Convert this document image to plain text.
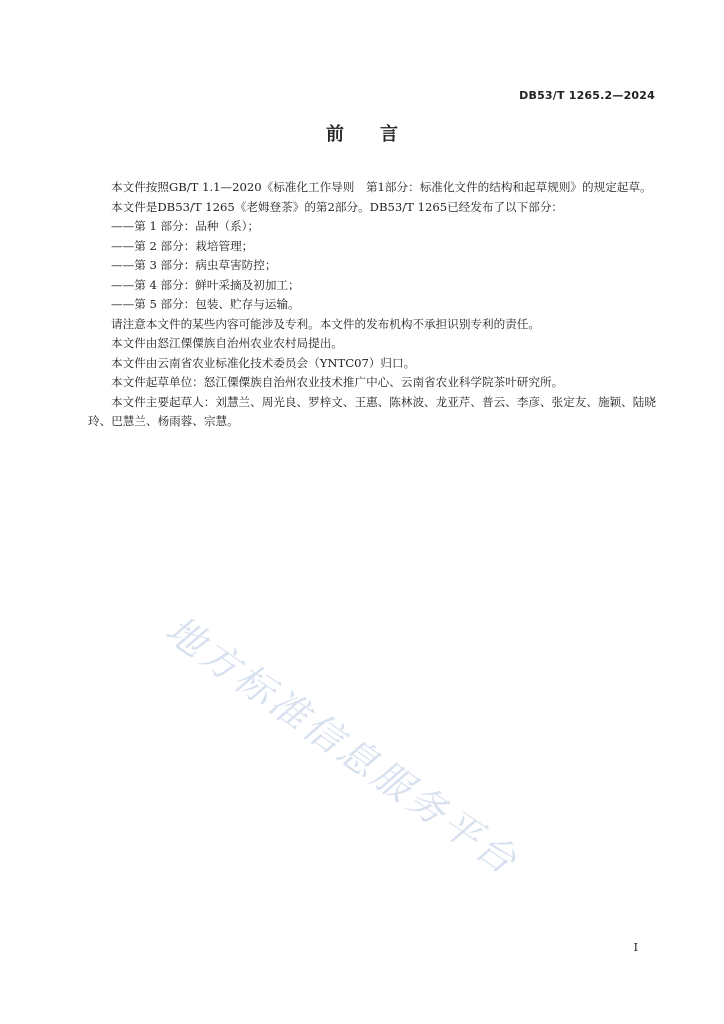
DB53/T 1265.2—2024
前 言

本文件按照GB/T 1.1—2020《标准化工作导则　第1部分：标准化文件的结构和起草规则》的规定起草。

本文件是DB53/T 1265《老姆登茶》的第2部分。DB53/T 1265已经发布了以下部分：

——第 1 部分：品种（系）；

——第 2 部分：栽培管理；

——第 3 部分：病虫草害防控；

——第 4 部分：鲜叶采摘及初加工；

——第 5 部分：包装、贮存与运输。

请注意本文件的某些内容可能涉及专利。本文件的发布机构不承担识别专利的责任。

本文件由怒江傈僳族自治州农业农村局提出。

本文件由云南省农业标准化技术委员会（YNTC07）归口。

本文件起草单位：怒江傈僳族自治州农业技术推广中心、云南省农业科学院茶叶研究所。

本文件主要起草人：刘慧兰、周光良、罗梓文、王惠、陈林波、龙亚芹、普云、李彦、张定友、施颖、陆晓玲、巴慧兰、杨雨蓉、宗慧。

地方标准信息服务平台
I
